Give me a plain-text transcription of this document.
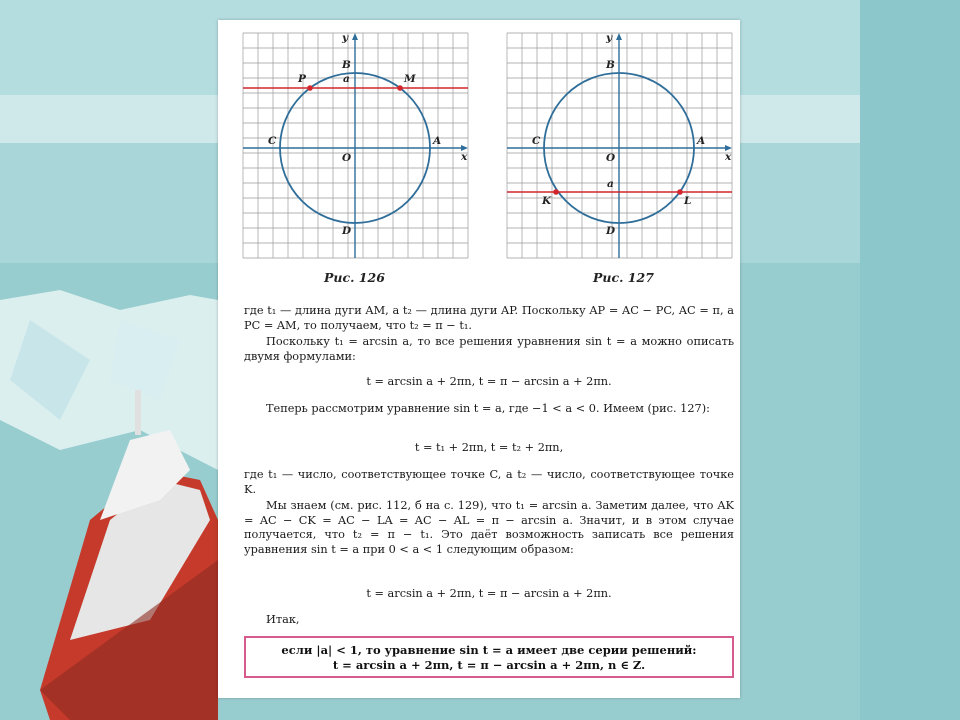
y
B
a
P	M
C	A
O	x
D
y
B
C	A
O	x
a
K	L
D
Рис. 126	Рис. 127

где t₁ — длина дуги AM, а t₂ — длина дуги AP. Поскольку AP = AC − PC, AC = π, а PC = AM, то получаем, что t₂ = π − t₁.

Поскольку t₁ = arcsin a, то все решения уравнения sin t = a можно описать двумя формулами:

t = arcsin a + 2πn, t = π − arcsin a + 2πn.

Теперь рассмотрим уравнение sin t = a, где −1 < a < 0. Имеем (рис. 127):

t = t₁ + 2πn, t = t₂ + 2πn,

где t₁ — число, соответствующее точке C, а t₂ — число, соответствующее точке K.

Мы знаем (см. рис. 112, б на с. 129), что t₁ = arcsin a. Заметим далее, что AK = AC − CK = AC − LA = AC − AL = π − arcsin a. Значит, и в этом случае получается, что t₂ = π − t₁. Это даёт возможность записать все решения уравнения sin t = a при 0 < a < 1 следующим образом:

t = arcsin a + 2πn, t = π − arcsin a + 2πn.

Итак,

если |a| < 1, то уравнение sin t = a имеет две серии решений:
t = arcsin a + 2πn, t = π − arcsin a + 2πn, n ∈ Z.
